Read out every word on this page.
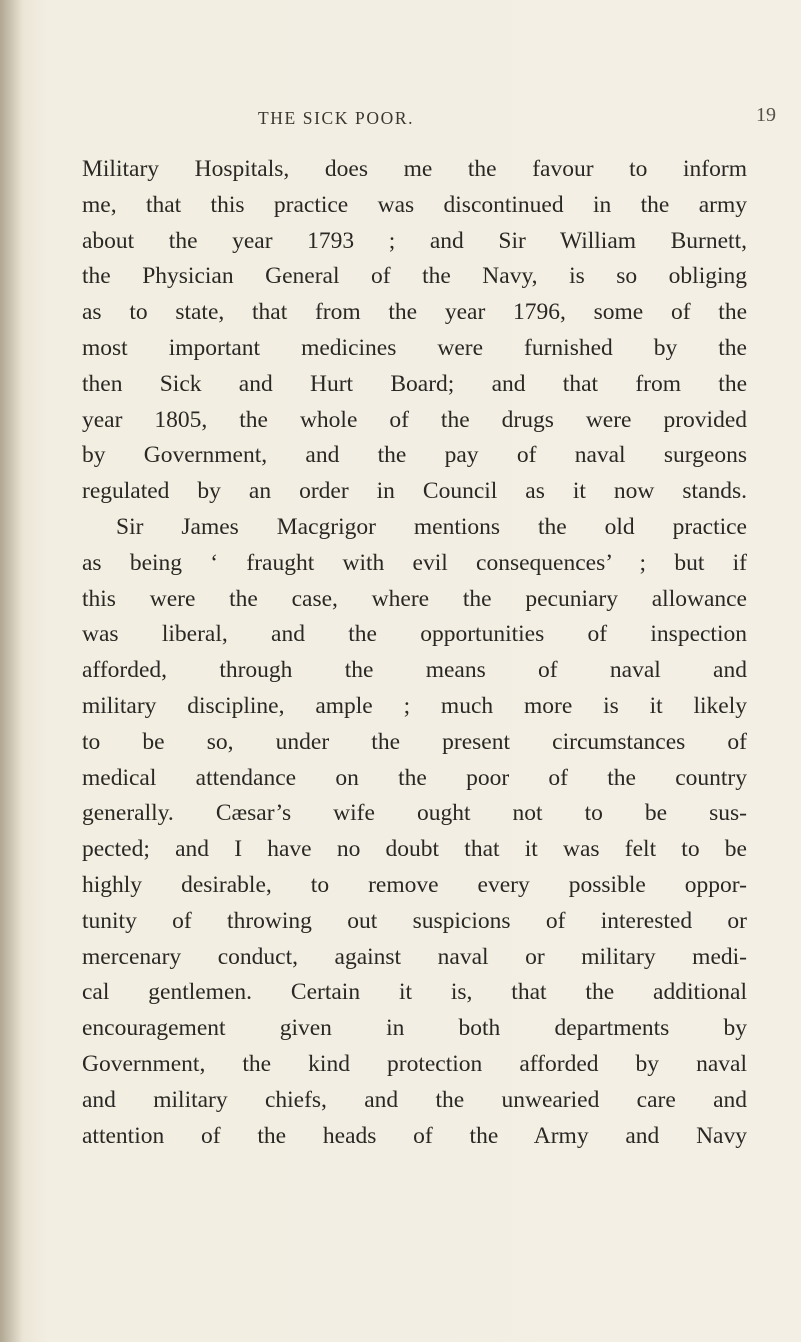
THE SICK POOR.	19
Military Hospitals, does me the favour to inform
me, that this practice was discontinued in the army
about the year 1793 ; and Sir William Burnett,
the Physician General of the Navy, is so obliging
as to state, that from the year 1796, some of the
most important medicines were furnished by the
then Sick and Hurt Board; and that from the
year 1805, the whole of the drugs were provided
by Government, and the pay of naval surgeons
regulated by an order in Council as it now stands.
Sir James Macgrigor mentions the old practice
as being ‘ fraught with evil consequences’ ; but if
this were the case, where the pecuniary allowance
was liberal, and the opportunities of inspection
afforded, through the means of naval and
military discipline, ample ; much more is it likely
to be so, under the present circumstances of
medical attendance on the poor of the country
generally. Cæsar’s wife ought not to be sus-
pected; and I have no doubt that it was felt to be
highly desirable, to remove every possible oppor-
tunity of throwing out suspicions of interested or
mercenary conduct, against naval or military medi-
cal gentlemen. Certain it is, that the additional
encouragement given in both departments by
Government, the kind protection afforded by naval
and military chiefs, and the unwearied care and
attention of the heads of the Army and Navy
